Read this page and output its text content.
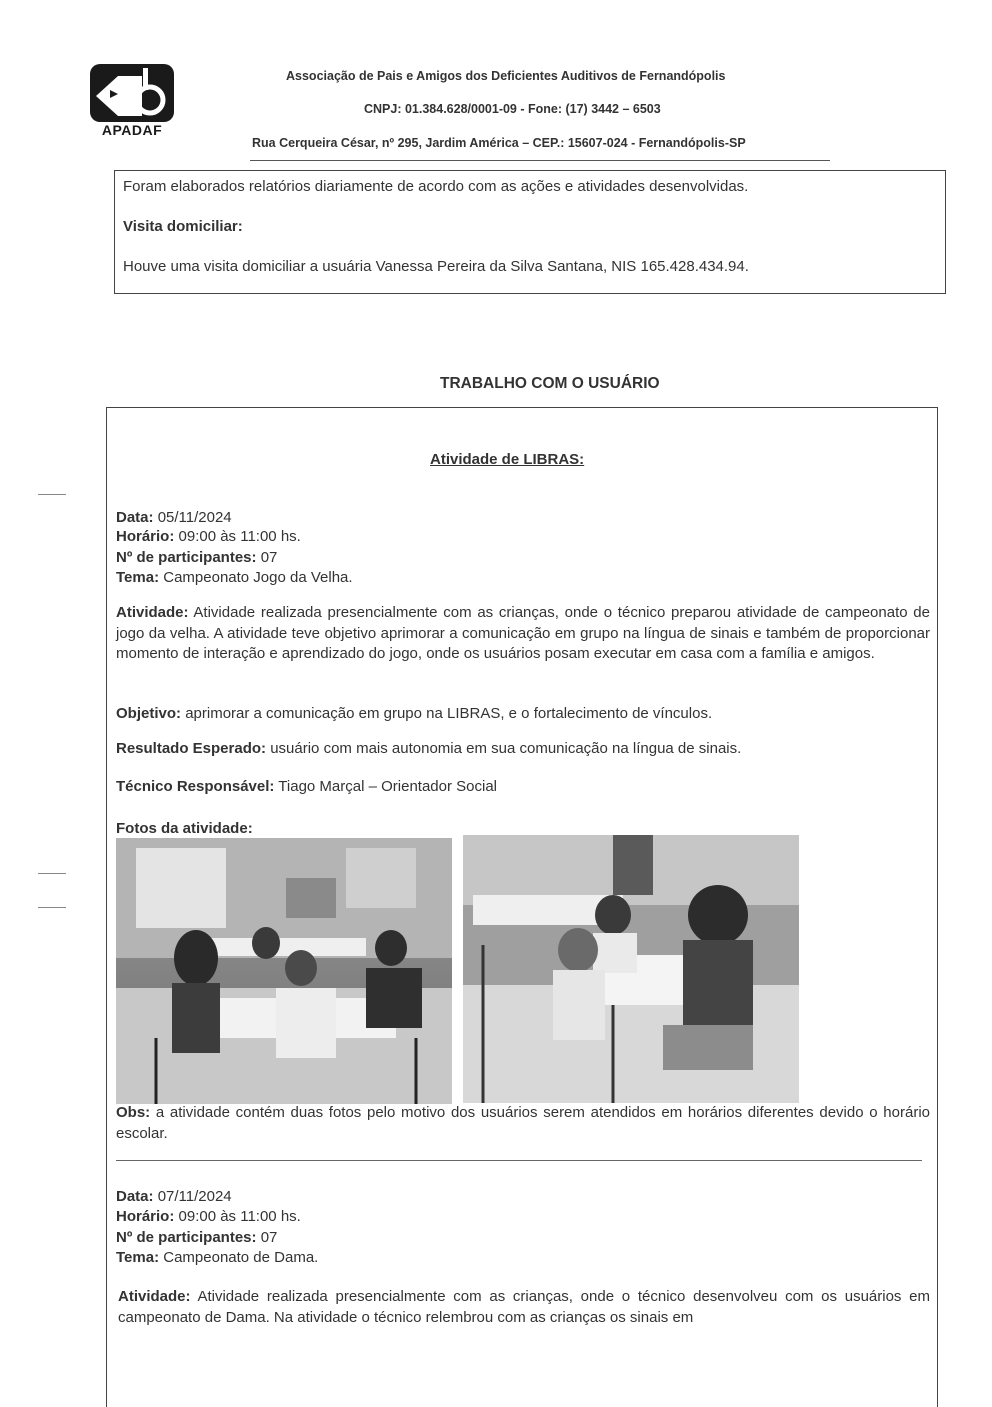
APADAF
Associação de Pais e Amigos dos Deficientes Auditivos de Fernandópolis
CNPJ: 01.384.628/0001-09 - Fone: (17) 3442 – 6503
Rua Cerqueira César, nº 295, Jardim América – CEP.: 15607-024 - Fernandópolis-SP
Foram elaborados relatórios diariamente de acordo com as ações e atividades desenvolvidas.
Visita domiciliar:
Houve uma visita domiciliar a usuária Vanessa Pereira da Silva Santana, NIS 165.428.434.94.
TRABALHO COM O USUÁRIO
Atividade de LIBRAS:
Data: 05/11/2024
Horário: 09:00 às 11:00 hs.
Nº de participantes: 07
Tema: Campeonato Jogo da Velha.
Atividade: Atividade realizada presencialmente com as crianças, onde o técnico preparou atividade de campeonato de jogo da velha. A atividade teve objetivo aprimorar a comunicação em grupo na língua de sinais e também de proporcionar momento de interação e aprendizado do jogo, onde os usuários posam executar em casa com a família e amigos.
Objetivo: aprimorar a comunicação em grupo na LIBRAS, e o fortalecimento de vínculos.
Resultado Esperado: usuário com mais autonomia em sua comunicação na língua de sinais.
Técnico Responsável: Tiago Marçal – Orientador Social
Fotos da atividade:
Obs: a atividade contém duas fotos pelo motivo dos usuários serem atendidos em horários diferentes devido o horário escolar.
Data: 07/11/2024
Horário: 09:00 às 11:00 hs.
Nº de participantes: 07
Tema: Campeonato de Dama.
Atividade: Atividade realizada presencialmente com as crianças, onde o técnico desenvolveu com os usuários em campeonato de Dama. Na atividade o técnico relembrou com as crianças os sinais em
